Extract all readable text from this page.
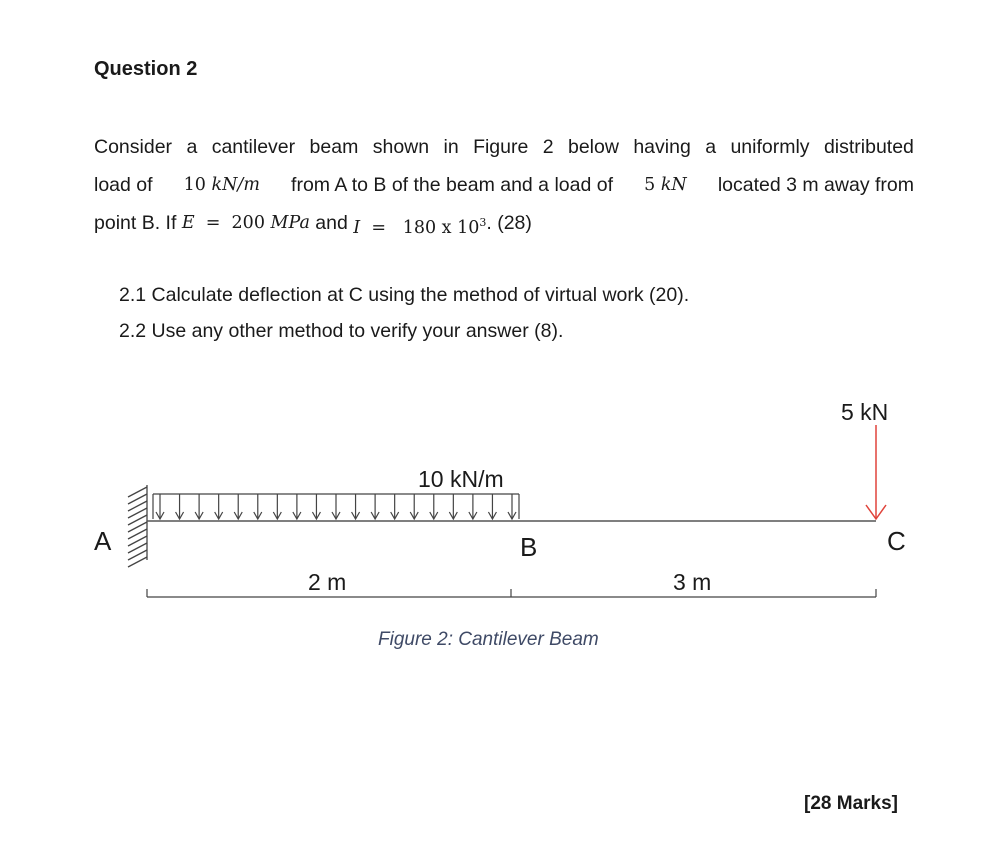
Question 2
Consider a cantilever beam shown in Figure 2 below having a uniformly distributed
load of 10 kN/m from A to B of the beam and a load of 5 kN located 3 m away from
point B. If
E = 200 MPa
and
I = 180 x $10^3$ . (28)

2.1 Calculate deflection at C using the method of virtual work (20).

2.2 Use any other method to verify your answer (8).

A	B	C
10 kN/m
5 kN
2 m	3 m

Figure 2: Cantilever Beam

[28 Marks]
